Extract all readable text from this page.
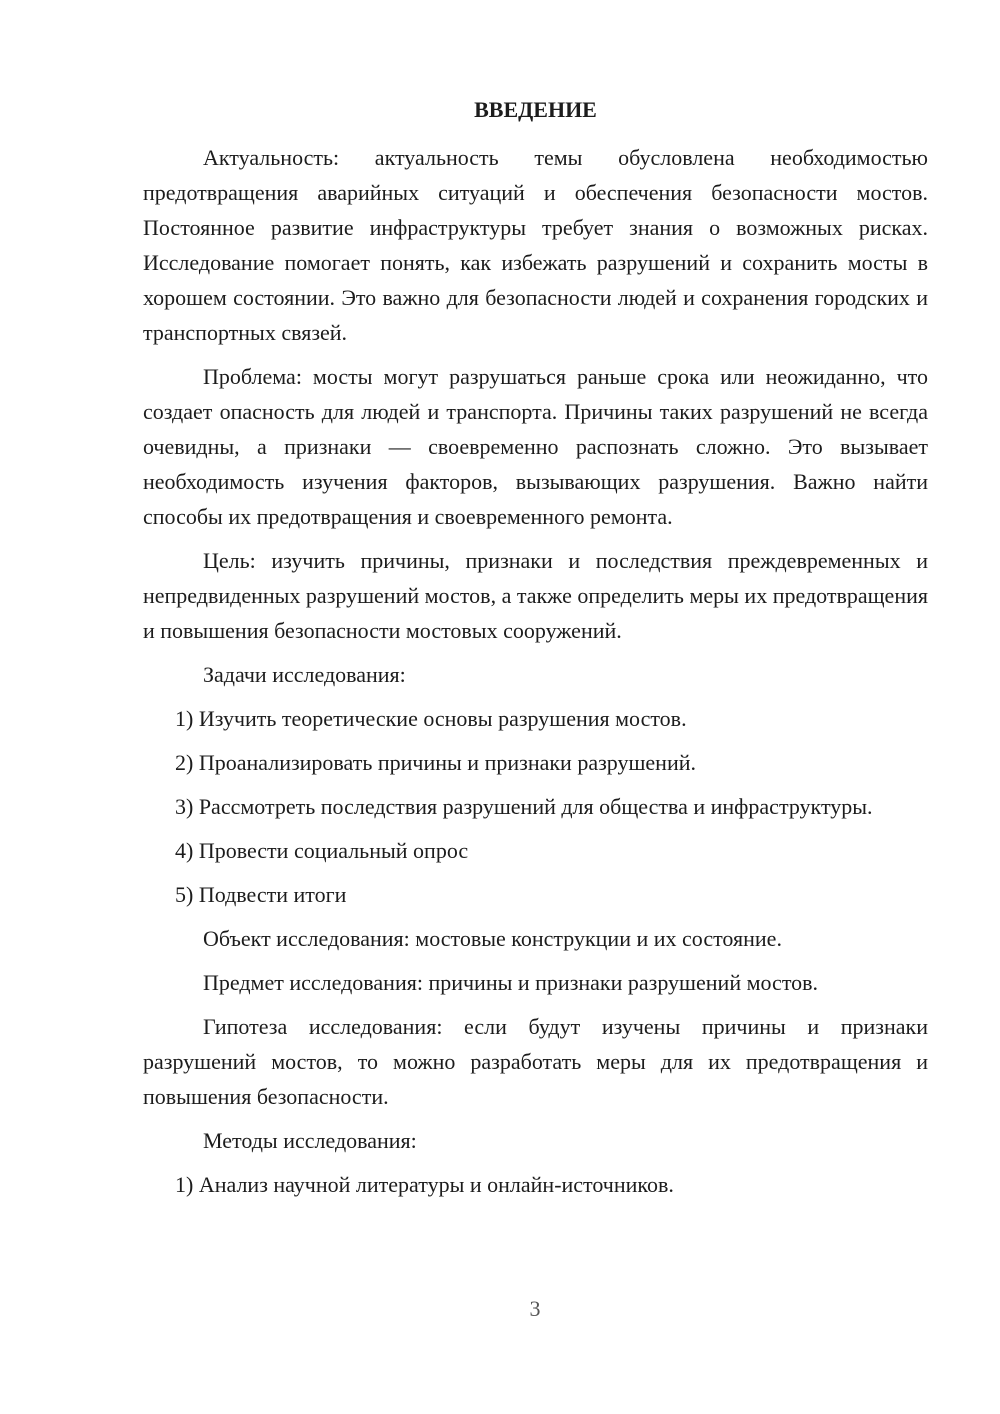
ВВЕДЕНИЕ

Актуальность: актуальность темы обусловлена необходимостью предотвращения аварийных ситуаций и обеспечения безопасности мостов. Постоянное развитие инфраструктуры требует знания о возможных рисках. Исследование помогает понять, как избежать разрушений и сохранить мосты в хорошем состоянии. Это важно для безопасности людей и сохранения городских и транспортных связей.

Проблема: мосты могут разрушаться раньше срока или неожиданно, что создает опасность для людей и транспорта. Причины таких разрушений не всегда очевидны, а признаки — своевременно распознать сложно. Это вызывает необходимость изучения факторов, вызывающих разрушения. Важно найти способы их предотвращения и своевременного ремонта.

Цель: изучить причины, признаки и последствия преждевременных и непредвиденных разрушений мостов, а также определить меры их предотвращения и повышения безопасности мостовых сооружений.

Задачи исследования:

1) Изучить теоретические основы разрушения мостов.

2) Проанализировать причины и признаки разрушений.

3) Рассмотреть последствия разрушений для общества и инфраструктуры.

4) Провести социальный опрос

5) Подвести итоги

Объект исследования: мостовые конструкции и их состояние.

Предмет исследования: причины и признаки разрушений мостов.

Гипотеза исследования: если будут изучены причины и признаки разрушений мостов, то можно разработать меры для их предотвращения и повышения безопасности.

Методы исследования:

1) Анализ научной литературы и онлайн-источников.

3
